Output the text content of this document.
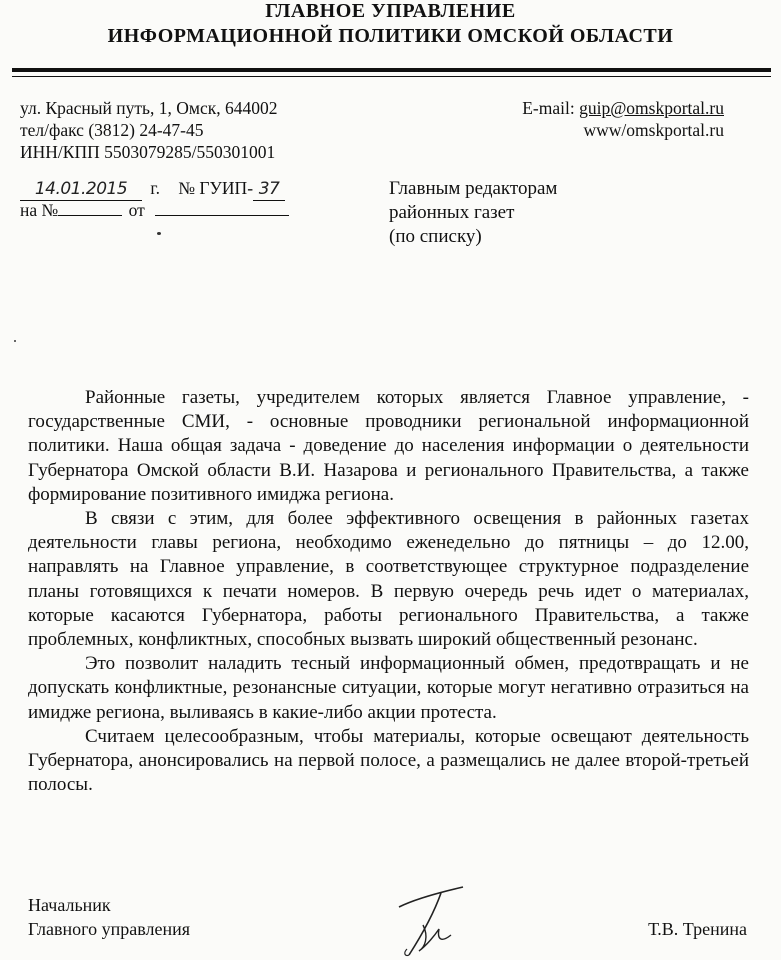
ГЛАВНОЕ УПРАВЛЕНИЕ
ИНФОРМАЦИОННОЙ ПОЛИТИКИ ОМСКОЙ ОБЛАСТИ
ул. Красный путь, 1, Омск, 644002
тел/факс (3812) 24-47-45
ИНН/КПП 5503079285/550301001
E-mail: guip@omskportal.ru
www/omskportal.ru
14.01.2015 г. № ГУИП- 37
на №	от
Главным редакторам
районных газет
(по списку)

Районные газеты, учредителем которых является Главное управление, - государственные СМИ, - основные проводники региональной информационной политики. Наша общая задача - доведение до населения информации о деятельности Губернатора Омской области В.И. Назарова и регионального Правительства, а также формирование позитивного имиджа региона.

В связи с этим, для более эффективного освещения в районных газетах деятельности главы региона, необходимо еженедельно до пятницы – до 12.00, направлять на Главное управление, в соответствующее структурное подразделение планы готовящихся к печати номеров. В первую очередь речь идет о материалах, которые касаются Губернатора, работы регионального Правительства, а также проблемных, конфликтных, способных вызвать широкий общественный резонанс.

Это позволит наладить тесный информационный обмен, предотвращать и не допускать конфликтные, резонансные ситуации, которые могут негативно отразиться на имидже региона, выливаясь в какие-либо акции протеста.

Считаем целесообразным, чтобы материалы, которые освещают деятельность Губернатора, анонсировались на первой полосе, а размещались не далее второй-третьей полосы.

Начальник
Главного управления	Т.В. Тренина
